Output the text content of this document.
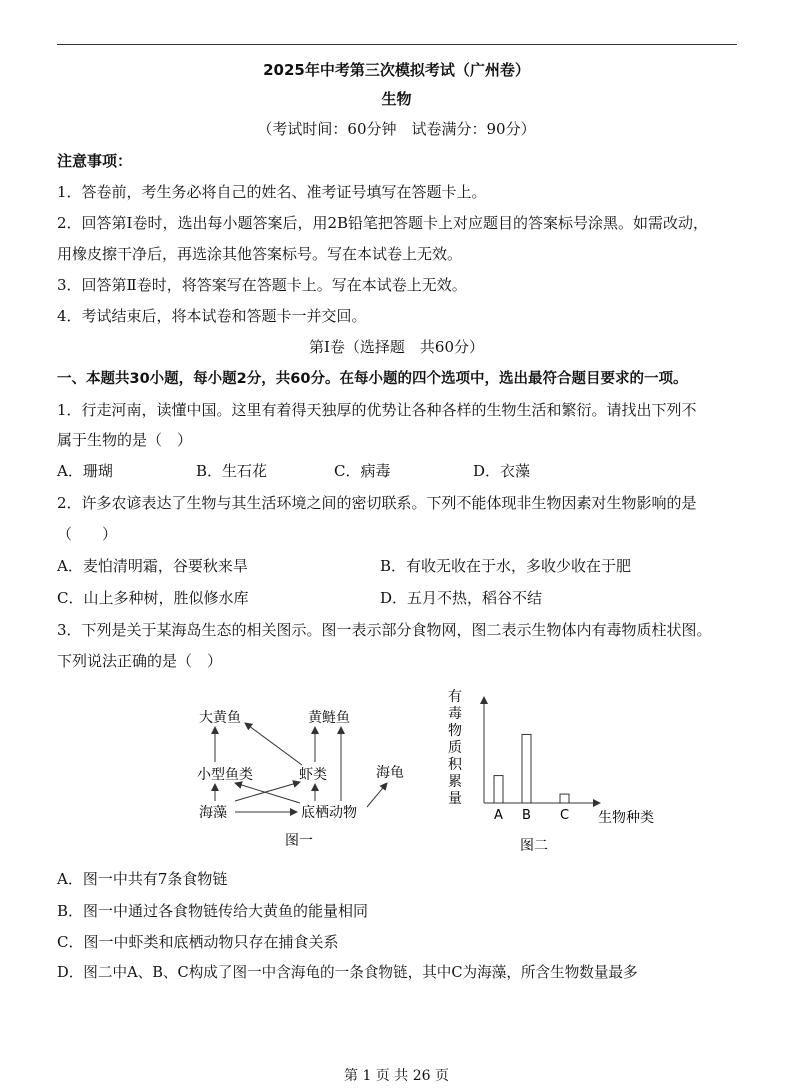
2025年中考第三次模拟考试（广州卷）
生物
（考试时间：60分钟　试卷满分：90分）
注意事项：
1．答卷前，考生务必将自己的姓名、准考证号填写在答题卡上。
2．回答第Ⅰ卷时，选出每小题答案后，用2B铅笔把答题卡上对应题目的答案标号涂黑。如需改动，
用橡皮擦干净后，再选涂其他答案标号。写在本试卷上无效。
3．回答第Ⅱ卷时，将答案写在答题卡上。写在本试卷上无效。
4．考试结束后，将本试卷和答题卡一并交回。
第Ⅰ卷（选择题　共60分）
一、本题共30小题，每小题2分，共60分。在每小题的四个选项中，选出最符合题目要求的一项。
1．行走河南，读懂中国。这里有着得天独厚的优势让各种各样的生物生活和繁衍。请找出下列不
属于生物的是（　）
A．珊瑚	B．生石花	C．病毒	D．衣藻
2．许多农谚表达了生物与其生活环境之间的密切联系。下列不能体现非生物因素对生物影响的是
（　　）
A．麦怕清明霜，谷要秋来旱	B．有收无收在于水，多收少收在于肥
C．山上多种树，胜似修水库	D．五月不热，稻谷不结
3．下列是关于某海岛生态的相关图示。图一表示部分食物网，图二表示生物体内有毒物质柱状图。
下列说法正确的是（　）
大黄鱼	黄鲢鱼
小型鱼类	虾类	海龟
海藻	底栖动物
图一
有
毒
物
质
积
累
量
A B C 生物种类
图二
A．图一中共有7条食物链
B．图一中通过各食物链传给大黄鱼的能量相同
C．图一中虾类和底栖动物只存在捕食关系
D．图二中A、B、C构成了图一中含海龟的一条食物链，其中C为海藻，所含生物数量最多
第 1 页 共 26 页
